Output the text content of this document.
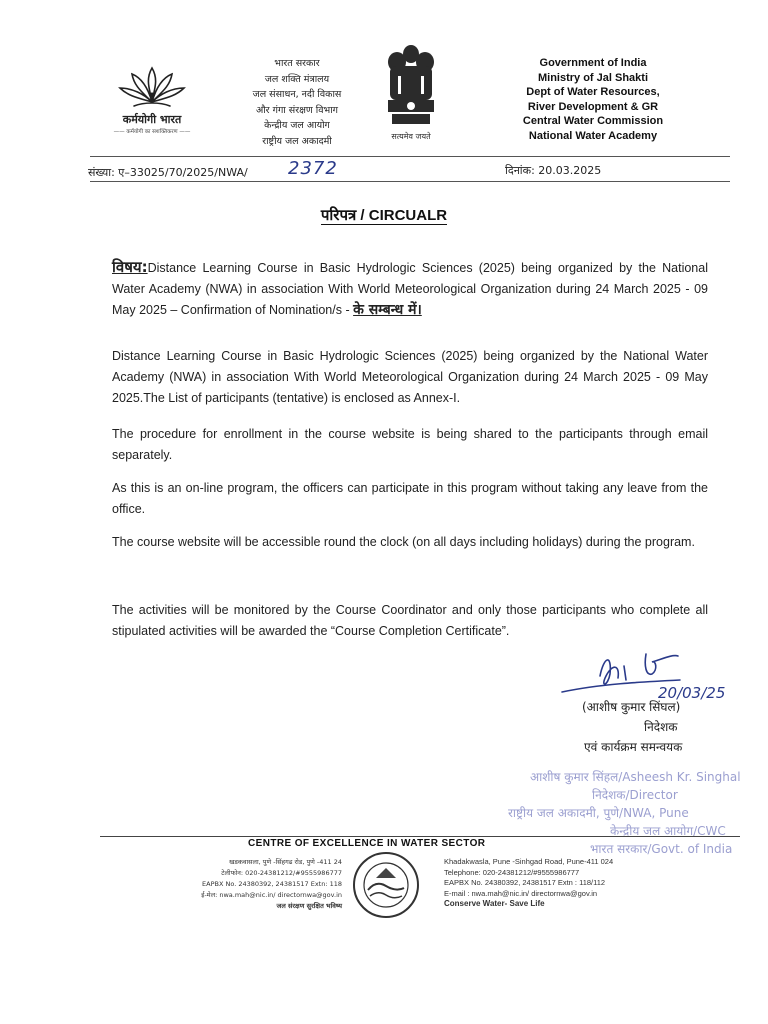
कर्मयोगी भारत
—— कर्मयोगी का सशक्तिकरण ——
भारत सरकार
जल शक्ति मंत्रालय
जल संसाधन, नदी विकास
और गंगा संरक्षण विभाग
केन्द्रीय जल आयोग
राष्ट्रीय जल अकादमी	सत्यमेव जयते
Government of India
Ministry of Jal Shakti
Dept of Water Resources,
River Development & GR
Central Water Commission
National Water Academy
संख्या: ए–33025/70/2025/NWA/ 2372	दिनांक: 20.03.2025
परिपत्र / CIRCUALR
विषय:Distance Learning Course in Basic Hydrologic Sciences (2025) being organized by the National Water Academy (NWA) in association With World Meteorological Organization during 24 March 2025 - 09 May 2025 – Confirmation of Nomination/s - के सम्बन्ध में।
Distance Learning Course in Basic Hydrologic Sciences (2025) being organized by the National Water Academy (NWA) in association With World Meteorological Organization during 24 March 2025 - 09 May 2025.The List of participants (tentative) is enclosed as Annex-I.
The procedure for enrollment in the course website is being shared to the participants through email separately.
As this is an on-line program, the officers can participate in this program without taking any leave from the office.
The course website will be accessible round the clock (on all days including holidays) during the program.
The activities will be monitored by the Course Coordinator and only those participants who complete all stipulated activities will be awarded the “Course Completion Certificate”.
20/03/25
(आशीष कुमार सिंघल)
निदेशक
एवं कार्यक्रम समन्वयक
आशीष कुमार सिंहल/Asheesh Kr. Singhal
निदेशक/Director
राष्ट्रीय जल अकादमी, पुणे/NWA, Pune
केन्द्रीय जल आयोग/CWC
भारत सरकार/Govt. of India
CENTRE OF EXCELLENCE IN WATER SECTOR
खडकवासला, पुणे -सिंहगढ रोड, पुणे -411 24
टेलीफोन: 020-24381212/#9555986777
EAPBX No. 24380392, 24381517 Extn: 118
ई-मेल: nwa.mah@nic.in/ directornwa@gov.in
जल संरक्षण सुरक्षित भविष्य
Khadakwasla, Pune -Sinhgad Road, Pune-411 024
Telephone: 020-24381212/#9555986777
EAPBX No. 24380392, 24381517 Extn : 118/112
E-mail : nwa.mah@nic.in/ directornwa@gov.in
Conserve Water- Save Life
